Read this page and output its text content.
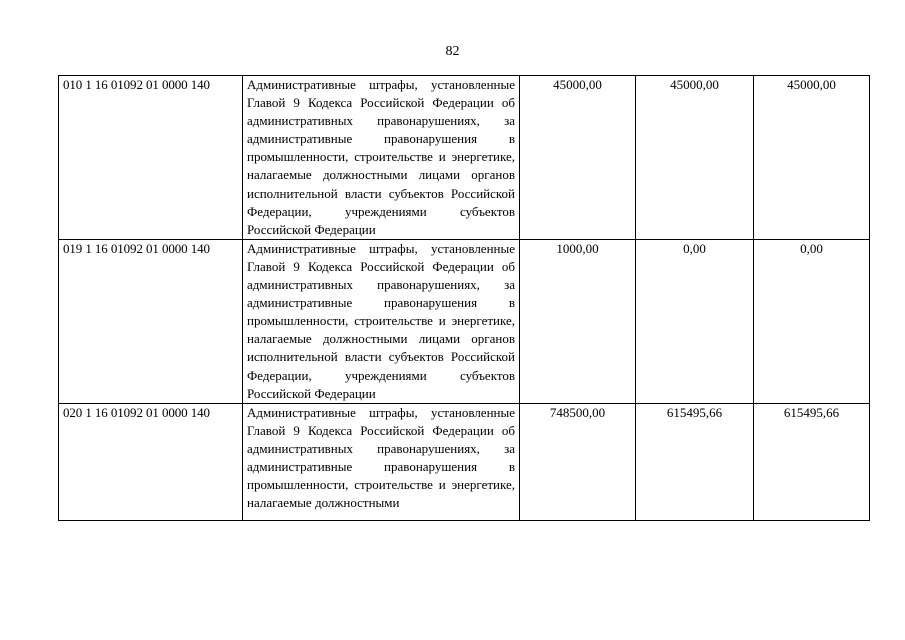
82
010 1 16 01092 01 0000 140	Административные штрафы, установленные Главой 9 Кодекса Российской Федерации об административных правонарушениях, за административные правонарушения в промышленности, строительстве и энергетике, налагаемые должностными лицами органов исполнительной власти субъектов Российской Федерации, учреждениями субъектов Российской Федерации	45000,00	45000,00	45000,00
019 1 16 01092 01 0000 140	Административные штрафы, установленные Главой 9 Кодекса Российской Федерации об административных правонарушениях, за административные правонарушения в промышленности, строительстве и энергетике, налагаемые должностными лицами органов исполнительной власти субъектов Российской Федерации, учреждениями субъектов Российской Федерации	1000,00	0,00	0,00
020 1 16 01092 01 0000 140	Административные штрафы, установленные Главой 9 Кодекса Российской Федерации об административных правонарушениях, за административные правонарушения в промышленности, строительстве и энергетике, налагаемые должностными	748500,00	615495,66	615495,66
